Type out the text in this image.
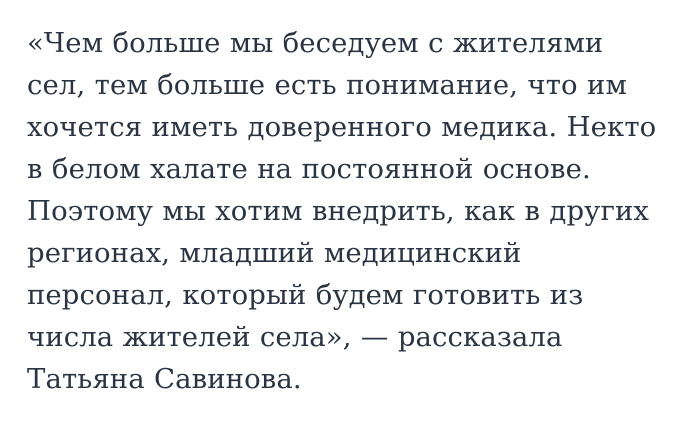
«Чем больше мы беседуем с жителями сел, тем больше есть понимание, что им хочется иметь доверенного медика. Некто в белом халате на постоянной основе. Поэтому мы хотим внедрить, как в других регионах, младший медицинский персонал, который будем готовить из числа жителей села», — рассказала Татьяна Савинова.
